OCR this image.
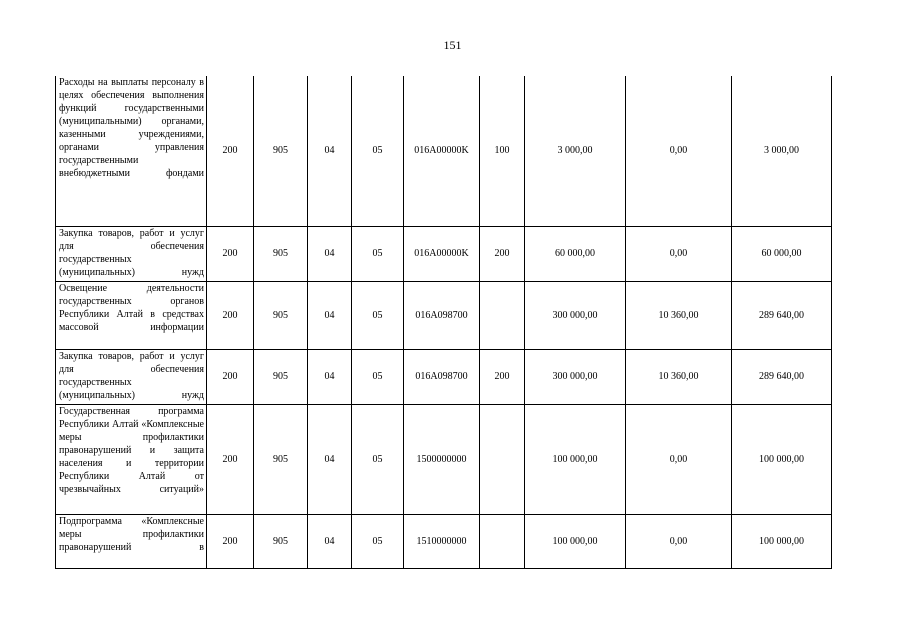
151
Расходы на выплаты персоналу в целях обеспечения выполнения функций государственными (муниципальными) органами, казенными учреждениями, органами управления государственными внебюджетными фондами	200	905	04	05	016A00000K	100	3 000,00	0,00	3 000,00
Закупка товаров, работ и услуг для обеспечения государственных (муниципальных) нужд	200	905	04	05	016A00000K	200	60 000,00	0,00	60 000,00
Освещение деятельности государственных органов Республики Алтай в средствах массовой информации	200	905	04	05	016A098700		300 000,00	10 360,00	289 640,00
Закупка товаров, работ и услуг для обеспечения государственных (муниципальных) нужд	200	905	04	05	016A098700	200	300 000,00	10 360,00	289 640,00
Государственная программа Республики Алтай «Комплексные меры профилактики правонарушений и защита населения и территории Республики Алтай от чрезвычайных ситуаций»	200	905	04	05	1500000000		100 000,00	0,00	100 000,00
Подпрограмма «Комплексные меры профилактики правонарушений в	200	905	04	05	1510000000		100 000,00	0,00	100 000,00
